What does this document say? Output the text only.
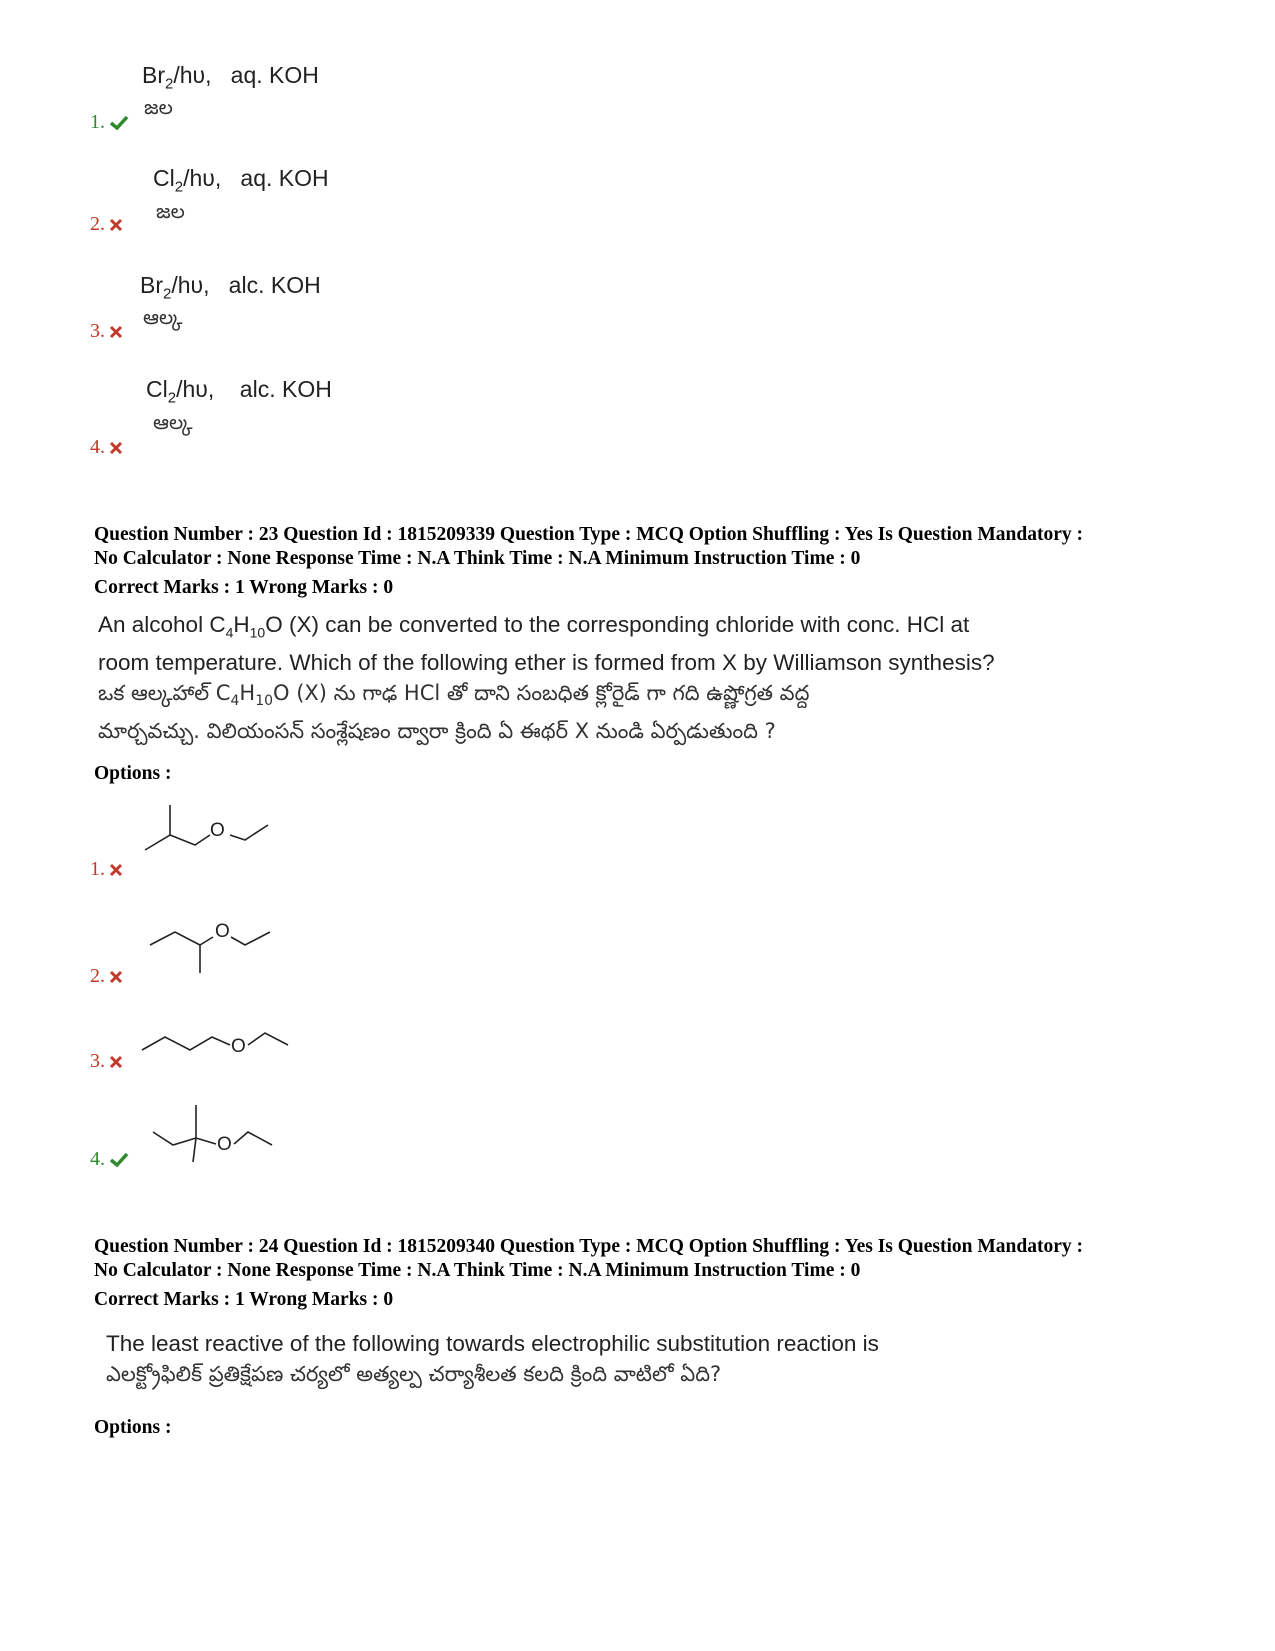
$Br_2/h\upsilon$, aq. KOH
జల
1.
$Cl_2/h\upsilon$, aq. KOH
జల
2.
$Br_2/h\upsilon$, alc. KOH
ఆల్క
3.
$Cl_2/h\upsilon$, alc. KOH
ఆల్క
4.
Question Number : 23 Question Id : 1815209339 Question Type : MCQ Option Shuffling : Yes Is Question Mandatory :
No Calculator : None Response Time : N.A Think Time : N.A Minimum Instruction Time : 0
Correct Marks : 1 Wrong Marks : 0
An alcohol $C_4H_{10}O$ (X) can be converted to the corresponding chloride with conc. HCl at
room temperature. Which of the following ether is formed from X by Williamson synthesis?
ఒక ఆల్కహాల్ $C_4H_{10}O$ (X) ను గాఢ HCl తో దాని సంబధిత క్లోరైడ్ గా గది ఉష్ణోగ్రత వద్ద
మార్చవచ్చు. విలియంసన్ సంశ్లేషణం ద్వారా క్రింది ఏ ఈథర్ X నుండి ఏర్పడుతుంది ?
Options :
O
1.
O
2.
O
3.
O
4.
Question Number : 24 Question Id : 1815209340 Question Type : MCQ Option Shuffling : Yes Is Question Mandatory :
No Calculator : None Response Time : N.A Think Time : N.A Minimum Instruction Time : 0
Correct Marks : 1 Wrong Marks : 0
The least reactive of the following towards electrophilic substitution reaction is
ఎలక్ట్రోఫిలిక్ ప్రతిక్షేపణ చర్యలో అత్యల్ప చర్యాశీలత కలది క్రింది వాటిలో ఏది?
Options :
